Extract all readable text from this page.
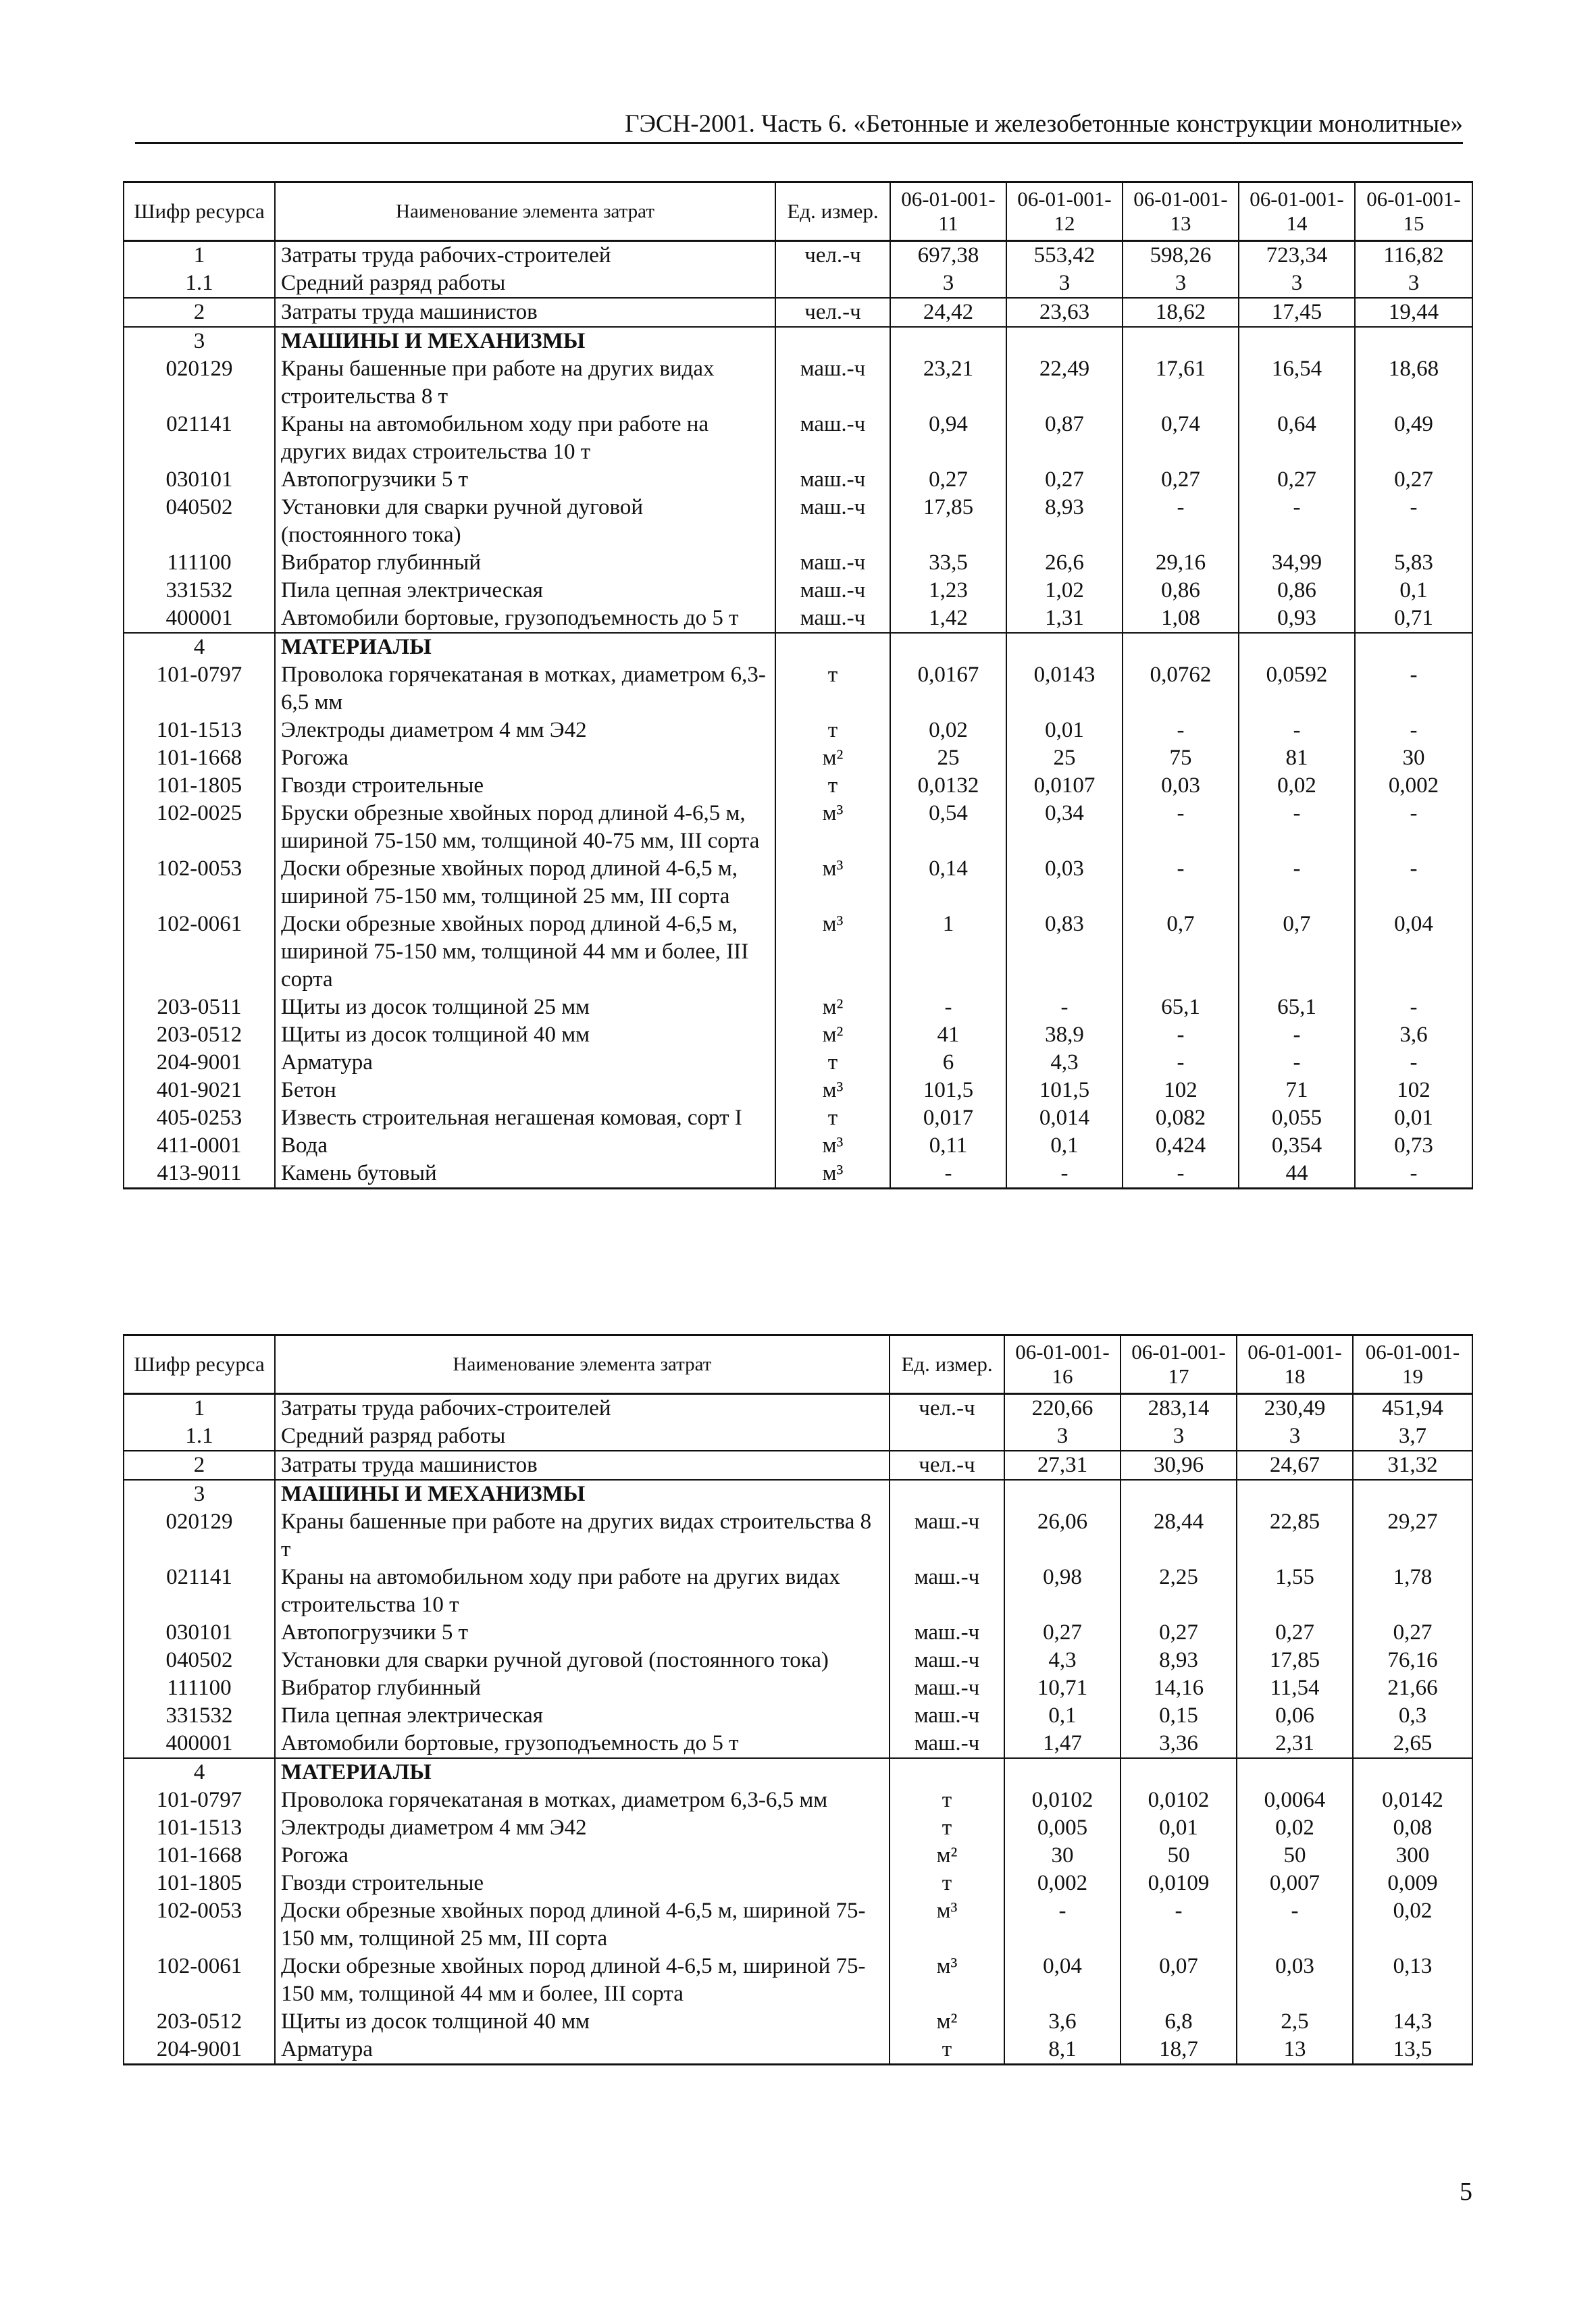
ГЭСН-2001. Часть 6. «Бетонные и железобетонные конструкции монолитные»
Шифр ресурса	Наименование элемента затрат	Ед. измер.	06-01-001-11	06-01-001-12	06-01-001-13	06-01-001-14	06-01-001-15
1	Затраты труда рабочих-строителей	чел.-ч	697,38	553,42	598,26	723,34	116,82
1.1	Средний разряд работы		3	3	3	3	3
2	Затраты труда машинистов	чел.-ч	24,42	23,63	18,62	17,45	19,44
3	МАШИНЫ И МЕХАНИЗМЫ						
020129	Краны башенные при работе на других видах строительства 8 т	маш.-ч	23,21	22,49	17,61	16,54	18,68
021141	Краны на автомобильном ходу при работе на других видах строительства 10 т	маш.-ч	0,94	0,87	0,74	0,64	0,49
030101	Автопогрузчики 5 т	маш.-ч	0,27	0,27	0,27	0,27	0,27
040502	Установки для сварки ручной дуговой (постоянного тока)	маш.-ч	17,85	8,93	-	-	-
111100	Вибратор глубинный	маш.-ч	33,5	26,6	29,16	34,99	5,83
331532	Пила цепная электрическая	маш.-ч	1,23	1,02	0,86	0,86	0,1
400001	Автомобили бортовые, грузоподъемность до 5 т	маш.-ч	1,42	1,31	1,08	0,93	0,71
4	МАТЕРИАЛЫ						
101-0797	Проволока горячекатаная в мотках, диаметром 6,3-6,5 мм	т	0,0167	0,0143	0,0762	0,0592	-
101-1513	Электроды диаметром 4 мм Э42	т	0,02	0,01	-	-	-
101-1668	Рогожа	м²	25	25	75	81	30
101-1805	Гвозди строительные	т	0,0132	0,0107	0,03	0,02	0,002
102-0025	Бруски обрезные хвойных пород длиной 4-6,5 м, шириной 75-150 мм, толщиной 40-75 мм, III сорта	м³	0,54	0,34	-	-	-
102-0053	Доски обрезные хвойных пород длиной 4-6,5 м, шириной 75-150 мм, толщиной 25 мм, III сорта	м³	0,14	0,03	-	-	-
102-0061	Доски обрезные хвойных пород длиной 4-6,5 м, шириной 75-150 мм, толщиной 44 мм и более, III сорта	м³	1	0,83	0,7	0,7	0,04
203-0511	Щиты из досок толщиной 25 мм	м²	-	-	65,1	65,1	-
203-0512	Щиты из досок толщиной 40 мм	м²	41	38,9	-	-	3,6
204-9001	Арматура	т	6	4,3	-	-	-
401-9021	Бетон	м³	101,5	101,5	102	71	102
405-0253	Известь строительная негашеная комовая, сорт I	т	0,017	0,014	0,082	0,055	0,01
411-0001	Вода	м³	0,11	0,1	0,424	0,354	0,73
413-9011	Камень бутовый	м³	-	-	-	44	-
Шифр ресурса	Наименование элемента затрат	Ед. измер.	06-01-001-16	06-01-001-17	06-01-001-18	06-01-001-19
1	Затраты труда рабочих-строителей	чел.-ч	220,66	283,14	230,49	451,94
1.1	Средний разряд работы		3	3	3	3,7
2	Затраты труда машинистов	чел.-ч	27,31	30,96	24,67	31,32
3	МАШИНЫ И МЕХАНИЗМЫ					
020129	Краны башенные при работе на других видах строительства 8 т	маш.-ч	26,06	28,44	22,85	29,27
021141	Краны на автомобильном ходу при работе на других видах строительства 10 т	маш.-ч	0,98	2,25	1,55	1,78
030101	Автопогрузчики 5 т	маш.-ч	0,27	0,27	0,27	0,27
040502	Установки для сварки ручной дуговой (постоянного тока)	маш.-ч	4,3	8,93	17,85	76,16
111100	Вибратор глубинный	маш.-ч	10,71	14,16	11,54	21,66
331532	Пила цепная электрическая	маш.-ч	0,1	0,15	0,06	0,3
400001	Автомобили бортовые, грузоподъемность до 5 т	маш.-ч	1,47	3,36	2,31	2,65
4	МАТЕРИАЛЫ					
101-0797	Проволока горячекатаная в мотках, диаметром 6,3-6,5 мм	т	0,0102	0,0102	0,0064	0,0142
101-1513	Электроды диаметром 4 мм Э42	т	0,005	0,01	0,02	0,08
101-1668	Рогожа	м²	30	50	50	300
101-1805	Гвозди строительные	т	0,002	0,0109	0,007	0,009
102-0053	Доски обрезные хвойных пород длиной 4-6,5 м, шириной 75-150 мм, толщиной 25 мм, III сорта	м³	-	-	-	0,02
102-0061	Доски обрезные хвойных пород длиной 4-6,5 м, шириной 75-150 мм, толщиной 44 мм и более, III сорта	м³	0,04	0,07	0,03	0,13
203-0512	Щиты из досок толщиной 40 мм	м²	3,6	6,8	2,5	14,3
204-9001	Арматура	т	8,1	18,7	13	13,5
5
